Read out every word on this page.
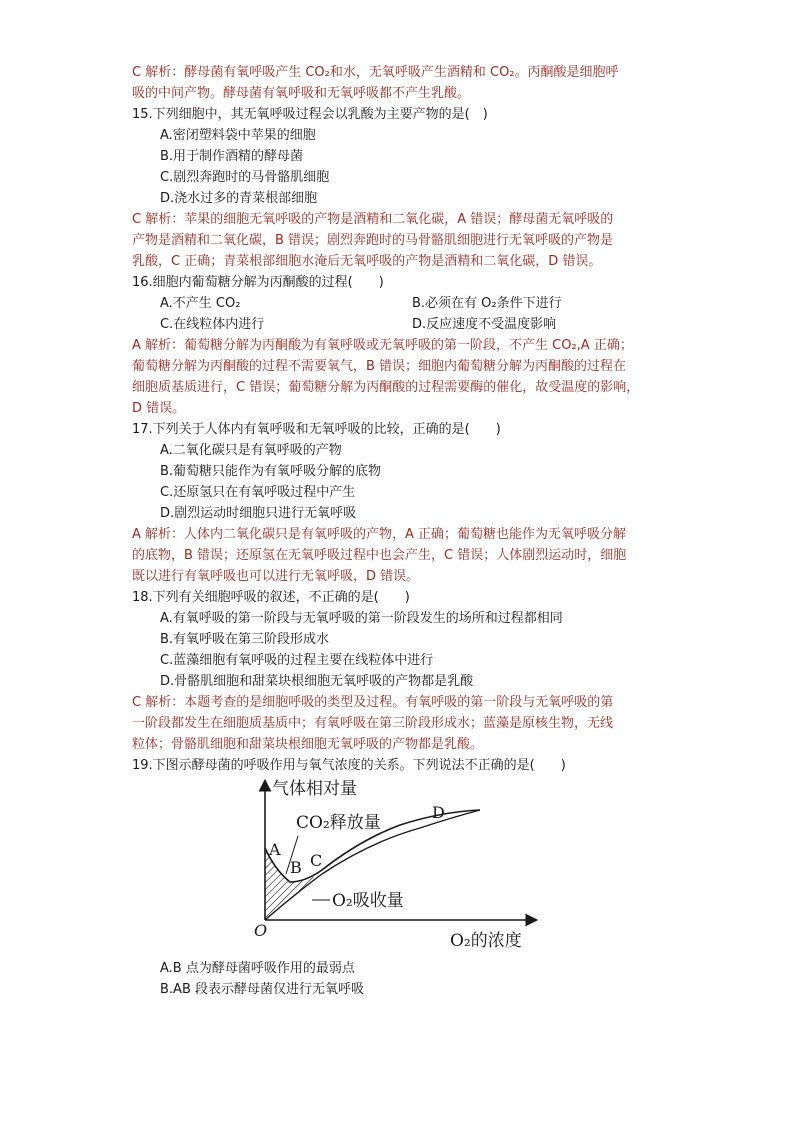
C 解析：酵母菌有氧呼吸产生 CO₂和水，无氧呼吸产生酒精和 CO₂。丙酮酸是细胞呼
吸的中间产物。酵母菌有氧呼吸和无氧呼吸都不产生乳酸。
15.下列细胞中，其无氧呼吸过程会以乳酸为主要产物的是(　)
A.密闭塑料袋中苹果的细胞
B.用于制作酒精的酵母菌
C.剧烈奔跑时的马骨骼肌细胞
D.浇水过多的青菜根部细胞
C 解析：苹果的细胞无氧呼吸的产物是酒精和二氧化碳，A 错误；酵母菌无氧呼吸的
产物是酒精和二氧化碳，B 错误；剧烈奔跑时的马骨骼肌细胞进行无氧呼吸的产物是
乳酸，C 正确；青菜根部细胞水淹后无氧呼吸的产物是酒精和二氧化碳，D 错误。
16.细胞内葡萄糖分解为丙酮酸的过程(　　)
A.不产生 CO₂	B.必须在有 O₂条件下进行
C.在线粒体内进行	D.反应速度不受温度影响
A 解析：葡萄糖分解为丙酮酸为有氧呼吸或无氧呼吸的第一阶段，不产生 CO₂,A 正确；
葡萄糖分解为丙酮酸的过程不需要氧气，B 错误；细胞内葡萄糖分解为丙酮酸的过程在
细胞质基质进行，C 错误；葡萄糖分解为丙酮酸的过程需要酶的催化，故受温度的影响，
D 错误。
17.下列关于人体内有氧呼吸和无氧呼吸的比较，正确的是(　　)
A.二氧化碳只是有氧呼吸的产物
B.葡萄糖只能作为有氧呼吸分解的底物
C.还原氢只在有氧呼吸过程中产生
D.剧烈运动时细胞只进行无氧呼吸
A 解析：人体内二氧化碳只是有氧呼吸的产物，A 正确；葡萄糖也能作为无氧呼吸分解
的底物，B 错误；还原氢在无氧呼吸过程中也会产生，C 错误；人体剧烈运动时，细胞
既以进行有氧呼吸也可以进行无氧呼吸，D 错误。
18.下列有关细胞呼吸的叙述，不正确的是(　　)
A.有氧呼吸的第一阶段与无氧呼吸的第一阶段发生的场所和过程都相同
B.有氧呼吸在第三阶段形成水
C.蓝藻细胞有氧呼吸的过程主要在线粒体中进行
D.骨骼肌细胞和甜菜块根细胞无氧呼吸的产物都是乳酸
C 解析：本题考查的是细胞呼吸的类型及过程。有氧呼吸的第一阶段与无氧呼吸的第
一阶段都发生在细胞质基质中；有氧呼吸在第三阶段形成水；蓝藻是原核生物，无线
粒体；骨骼肌细胞和甜菜块根细胞无氧呼吸的产物都是乳酸。
19.下图示酵母菌的呼吸作用与氧气浓度的关系。下列说法不正确的是(　　)
气体相对量
O₂的浓度
O
CO₂释放量
O₂吸收量
A
B C
D
A.B 点为酵母菌呼吸作用的最弱点
B.AB 段表示酵母菌仅进行无氧呼吸
